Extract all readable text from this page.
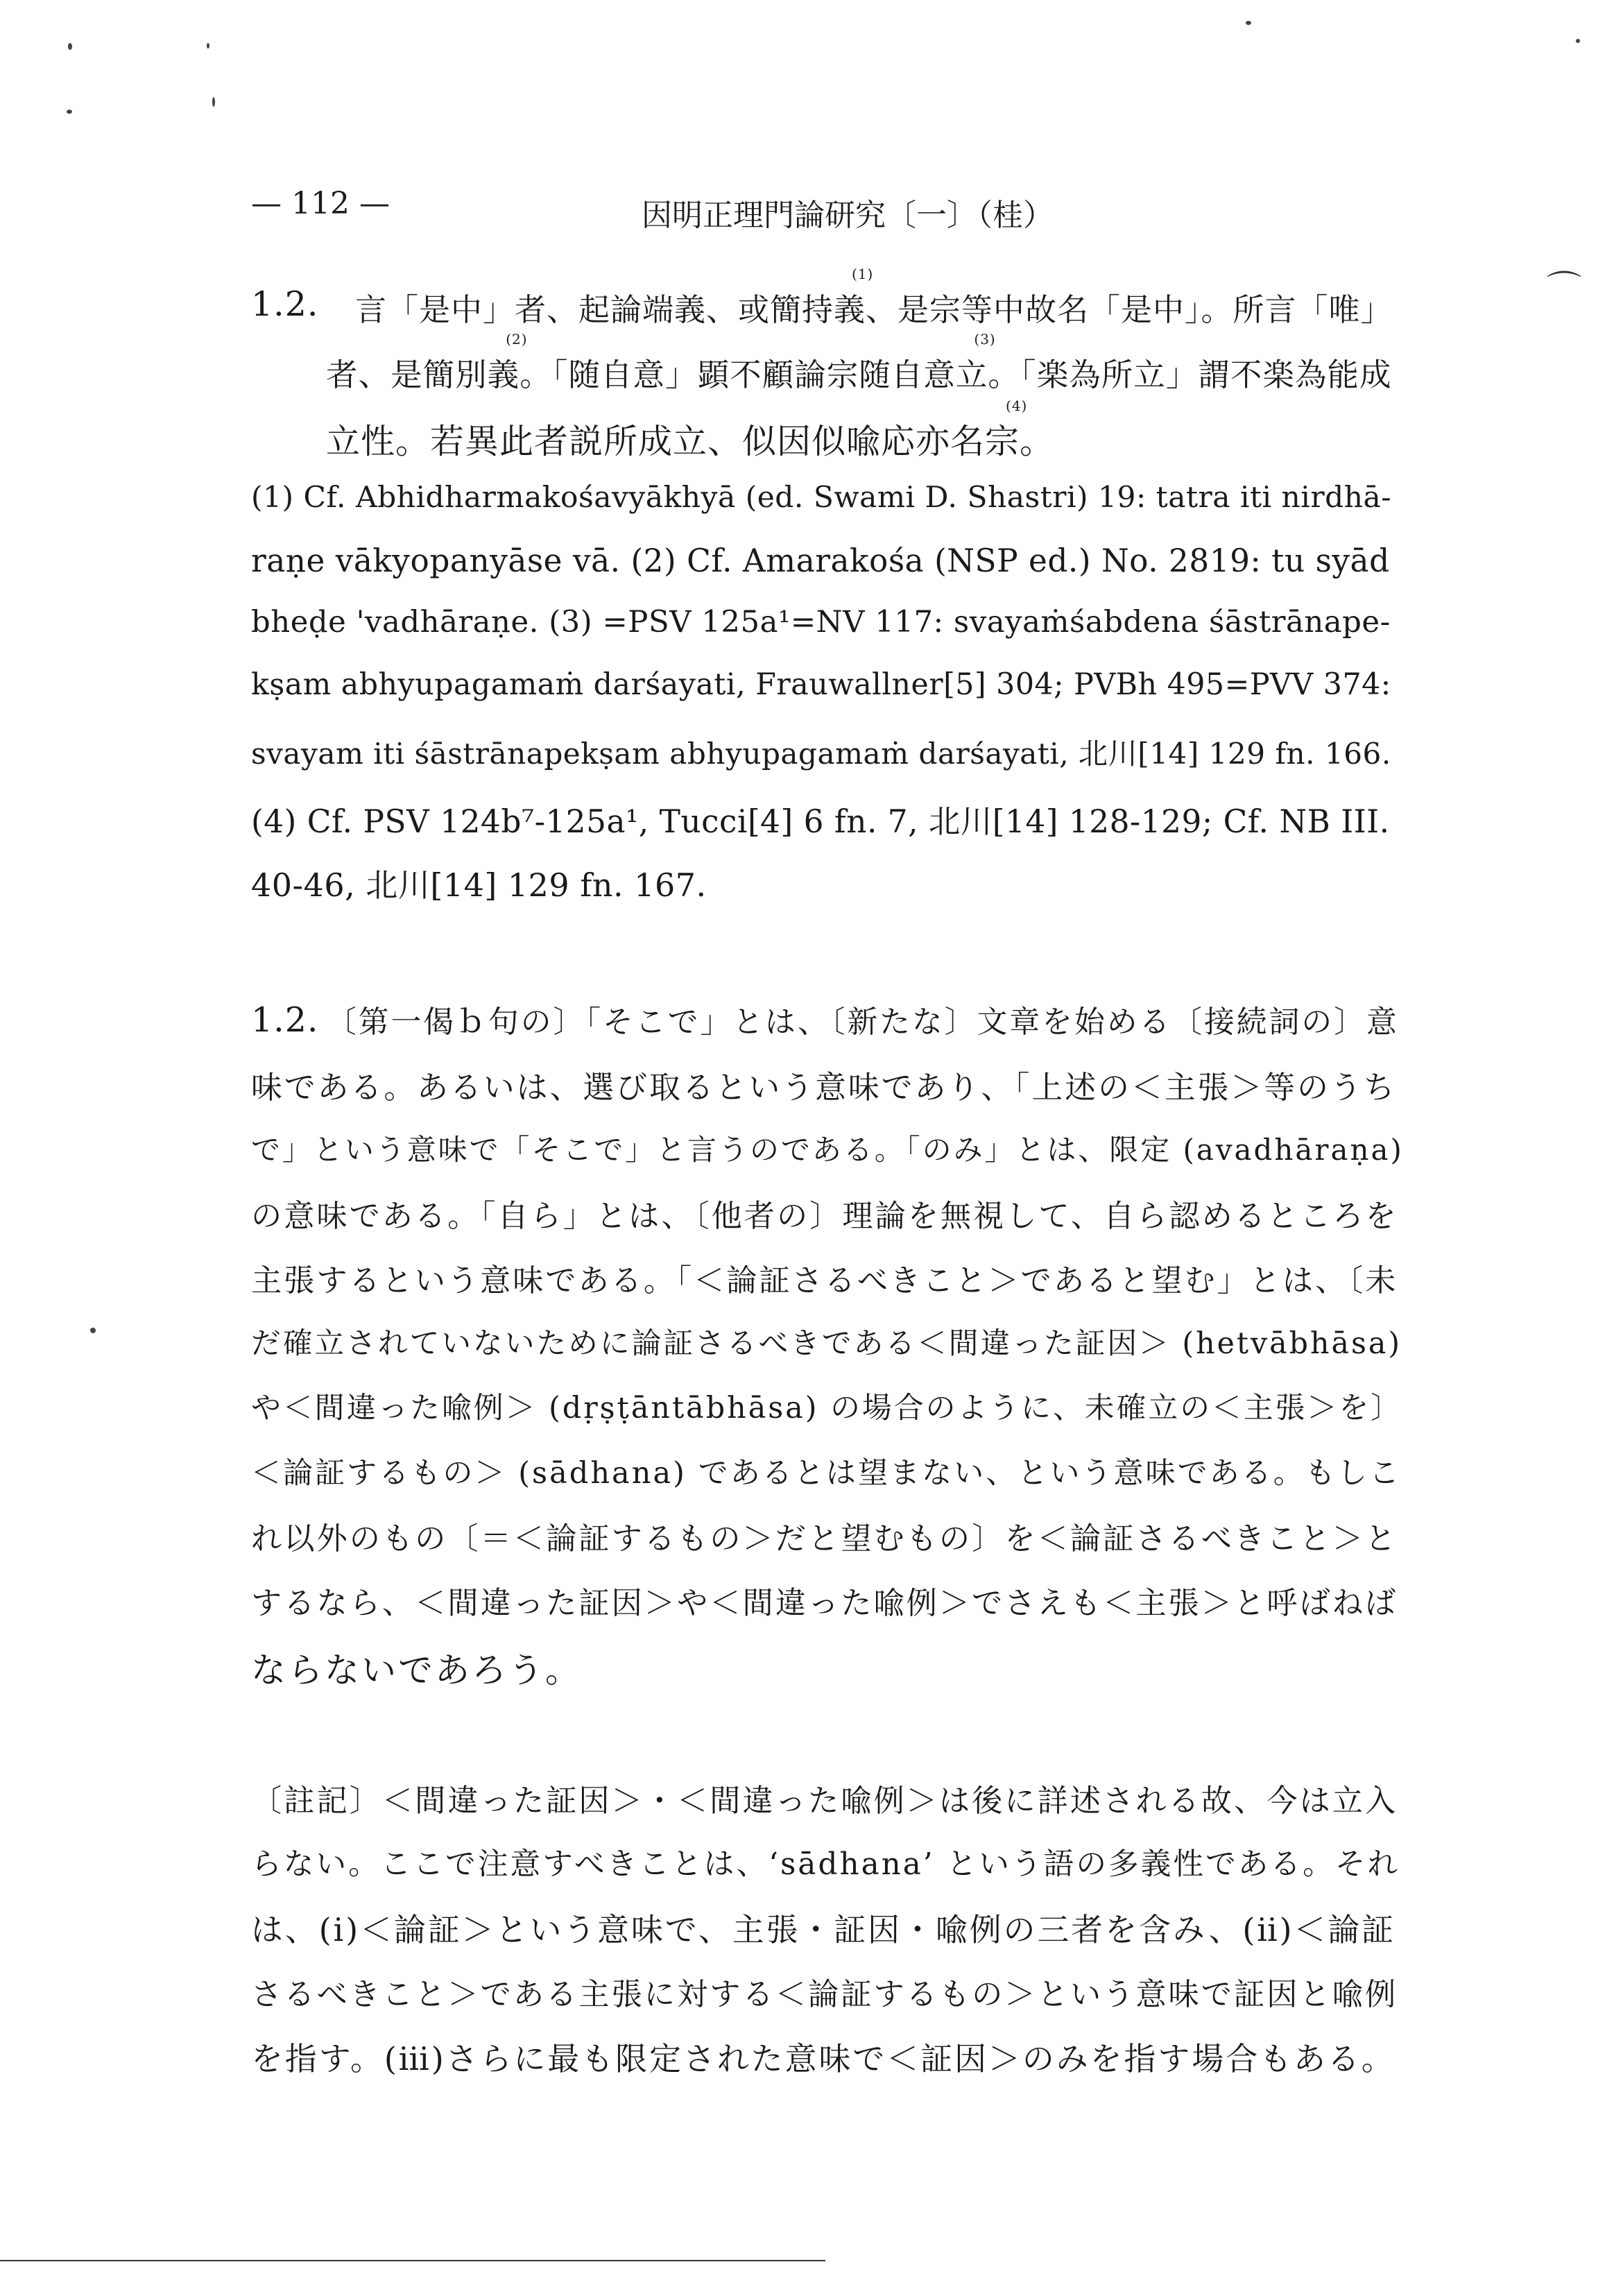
⌒
— 112 —	因明正理門論研究〔一〕（桂）
1.2. 言「是中」者、起論端義、或簡持義$^{(1)}$、是宗等中故名「是中」。所言「唯」
者、是簡別義$^{(2)}$。「随自意」顕不顧論宗随自意立$^{(3)}$。「楽為所立」謂不楽為能成
立性。若異此者説所成立、似因似喩応亦名宗$^{(4)}$。
(1) Cf. Abhidharmakośavyākhyā (ed. Swami D. Shastri) 19: tatra iti nirdhā-
raṇe vākyopanyāse vā. (2) Cf. Amarakośa (NSP ed.) No. 2819: tu syād
bheḍe 'vadhāraṇe. (3) =PSV 125a¹=NV 117: svayaṁśabdena śāstrānape-
kṣam abhyupagamaṁ darśayati, Frauwallner[5] 304; PVBh 495=PVV 374:
svayam iti śāstrānapekṣam abhyupagamaṁ darśayati, 北川[14] 129 fn. 166.
(4) Cf. PSV 124b⁷-125a¹, Tucci[4] 6 fn. 7, 北川[14] 128-129; Cf. NB III.
40-46, 北川[14] 129 fn. 167.
1.2. 〔第一偈ｂ句の〕「そこで」とは、〔新たな〕文章を始める〔接続詞の〕意
味である。あるいは、選び取るという意味であり、「上述の＜主張＞等のうち
で」という意味で「そこで」と言うのである。「のみ」とは、限定 (avadhāraṇa)
の意味である。「自ら」とは、〔他者の〕理論を無視して、自ら認めるところを
主張するという意味である。「＜論証さるべきこと＞であると望む」とは、〔未
だ確立されていないために論証さるべきである＜間違った証因＞ (hetvābhāsa)
や＜間違った喩例＞ (dṛṣṭāntābhāsa) の場合のように、未確立の＜主張＞を〕
＜論証するもの＞ (sādhana) であるとは望まない、という意味である。もしこ
れ以外のもの〔＝＜論証するもの＞だと望むもの〕を＜論証さるべきこと＞と
するなら、＜間違った証因＞や＜間違った喩例＞でさえも＜主張＞と呼ばねば
ならないであろう。
〔註記〕＜間違った証因＞・＜間違った喩例＞は後に詳述される故、今は立入
らない。ここで注意すべきことは、‘sādhana’ という語の多義性である。それ
は、(ⅰ)＜論証＞という意味で、主張・証因・喩例の三者を含み、(ⅱ)＜論証
さるべきこと＞である主張に対する＜論証するもの＞という意味で証因と喩例
を指す。(ⅲ)さらに最も限定された意味で＜証因＞のみを指す場合もある。
